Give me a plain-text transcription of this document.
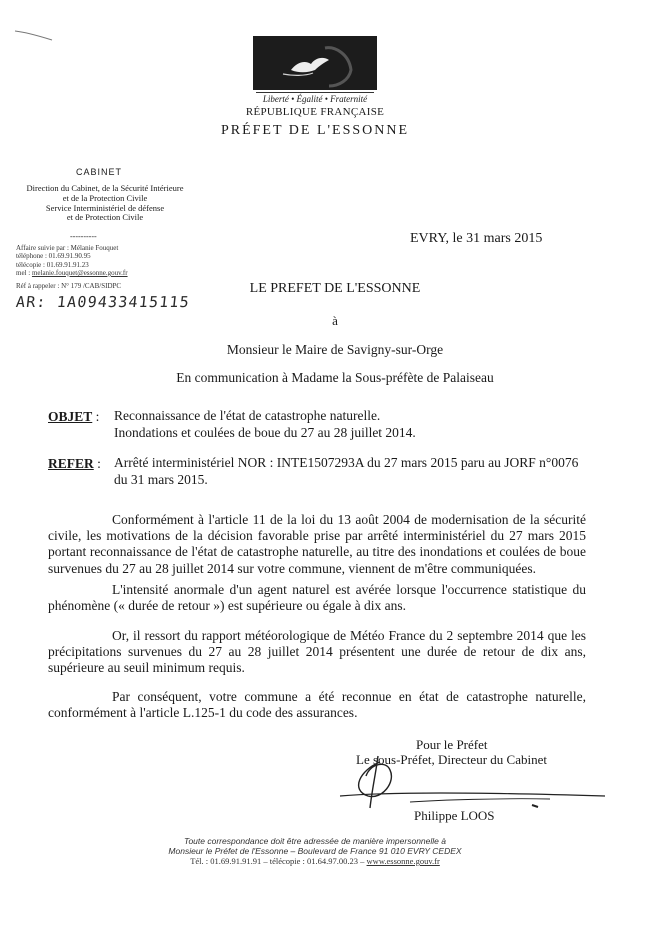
Liberté • Égalité • Fraternité
RÉPUBLIQUE FRANÇAISE
PRÉFET DE L'ESSONNE
CABINET
Direction du Cabinet, de la Sécurité Intérieure
et de la Protection Civile
Service Interministériel de défense
et de Protection Civile
----------
Affaire suivie par : Mélanie Fouquet
téléphone : 01.69.91.90.95
télécopie : 01.69.91.91.23
mel : melanie.fouquet@essonne.gouv.fr
Réf à rappeler : N° 179 /CAB/SIDPC
AR: 1A09433415115
EVRY, le 31 mars 2015
LE PREFET DE L'ESSONNE
à
Monsieur le Maire de Savigny-sur-Orge
En communication à Madame la Sous-préfète de Palaiseau
OBJET : Reconnaissance de l'état de catastrophe naturelle.
Inondations et coulées de boue du 27 au 28 juillet 2014.
REFER : Arrêté interministériel NOR : INTE1507293A du 27 mars 2015 paru au JORF n°0076
du 31 mars 2015.
Conformément à l'article 11 de la loi du 13 août 2004 de modernisation de la sécurité civile, les motivations de la décision favorable prise par arrêté interministériel du 27 mars 2015 portant reconnaissance de l'état de catastrophe naturelle, au titre des inondations et coulées de boue survenues du 27 au 28 juillet 2014 sur votre commune, viennent de m'être communiquées.
L'intensité anormale d'un agent naturel est avérée lorsque l'occurrence statistique du phénomène (« durée de retour ») est supérieure ou égale à dix ans.
Or, il ressort du rapport météorologique de Météo France du 2 septembre 2014 que les précipitations survenues du 27 au 28 juillet 2014 présentent une durée de retour de dix ans, supérieure au seuil minimum requis.
Par conséquent, votre commune a été reconnue en état de catastrophe naturelle, conformément à l'article L.125-1 du code des assurances.
Pour le Préfet
Le sous-Préfet, Directeur du Cabinet
Philippe LOOS
Toute correspondance doit être adressée de manière impersonnelle à
Monsieur le Préfet de l'Essonne – Boulevard de France 91 010 EVRY CEDEX
Tél. : 01.69.91.91.91 – télécopie : 01.64.97.00.23 – www.essonne.gouv.fr
